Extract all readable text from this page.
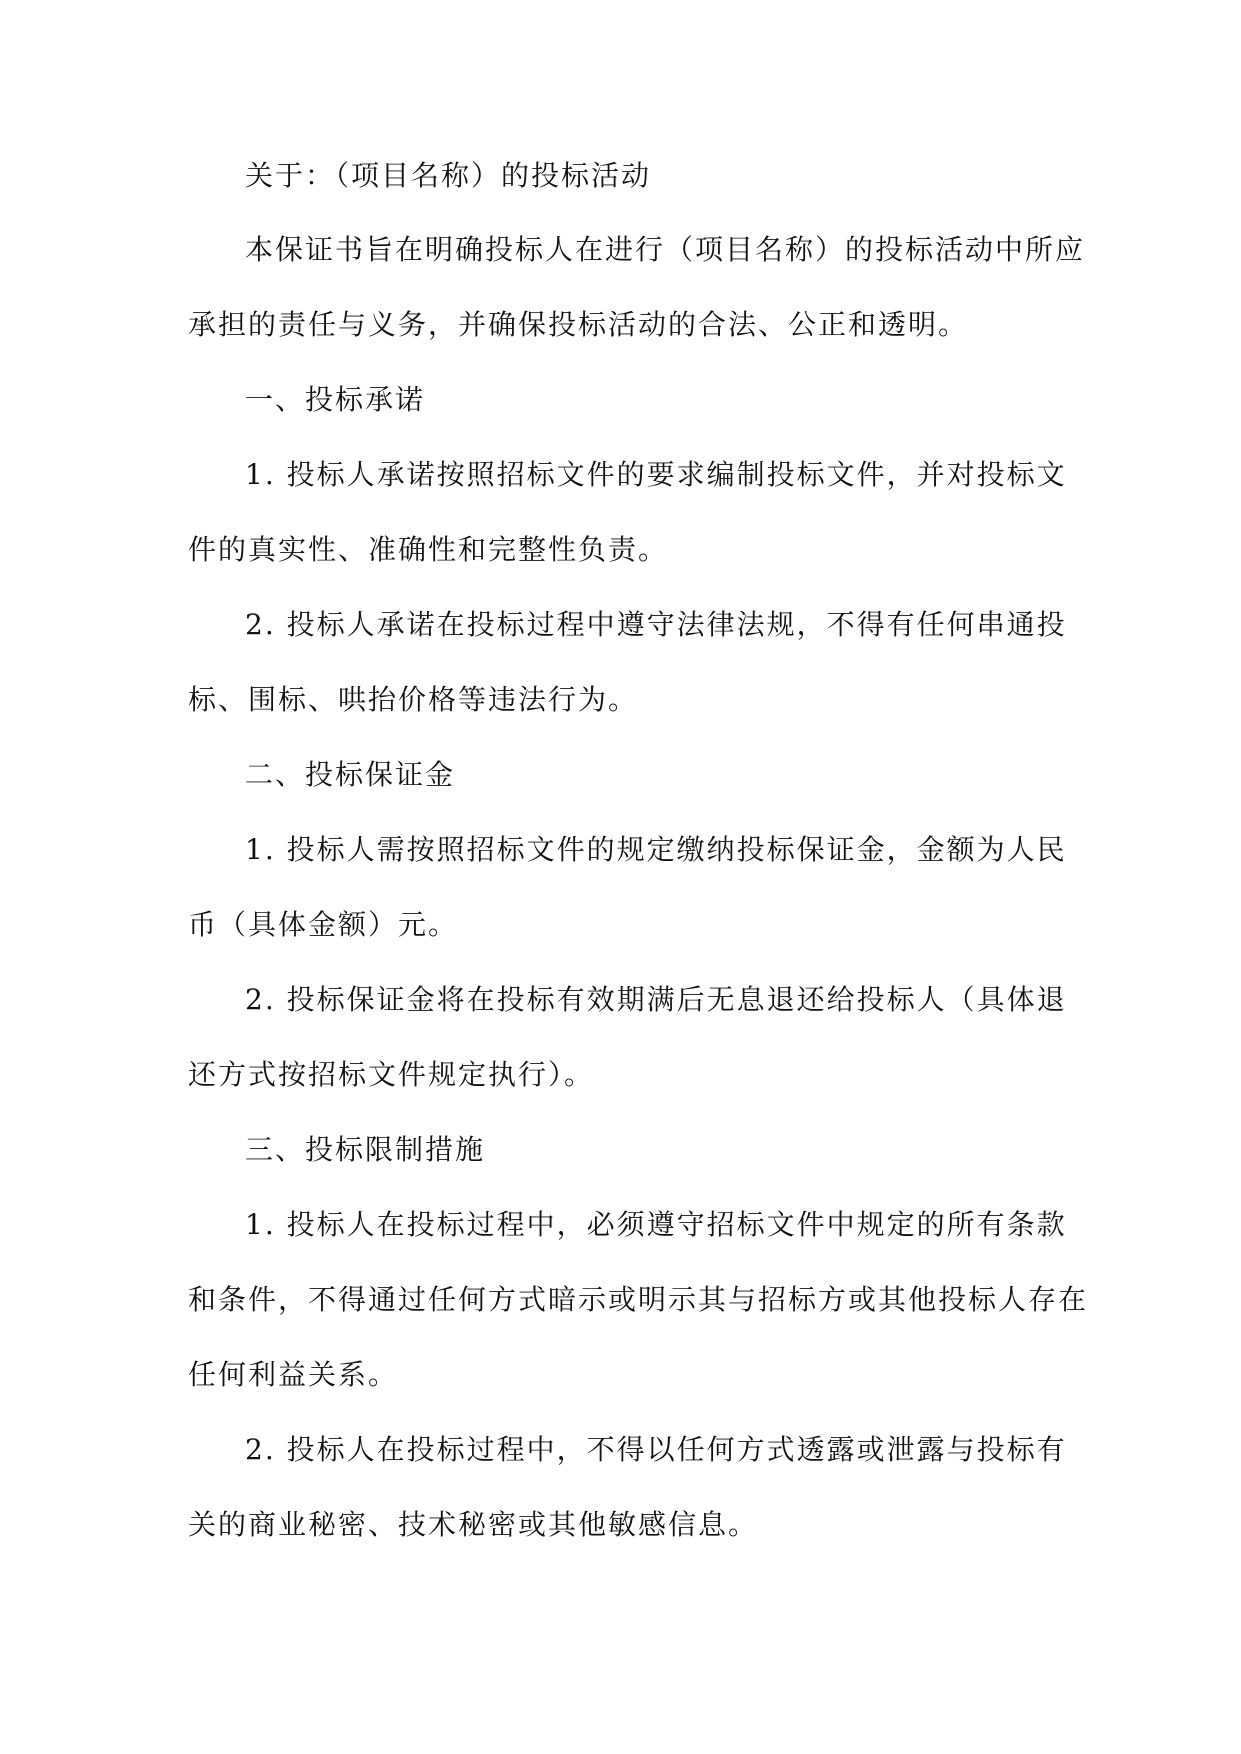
关于：（项目名称）的投标活动

本保证书旨在明确投标人在进行（项目名称）的投标活动中所应

承担的责任与义务，并确保投标活动的合法、公正和透明。

一、投标承诺

1. 投标人承诺按照招标文件的要求编制投标文件，并对投标文

件的真实性、准确性和完整性负责。

2. 投标人承诺在投标过程中遵守法律法规，不得有任何串通投

标、围标、哄抬价格等违法行为。

二、投标保证金

1. 投标人需按照招标文件的规定缴纳投标保证金，金额为人民

币（具体金额）元。

2. 投标保证金将在投标有效期满后无息退还给投标人（具体退

还方式按招标文件规定执行）。

三、投标限制措施

1. 投标人在投标过程中，必须遵守招标文件中规定的所有条款

和条件，不得通过任何方式暗示或明示其与招标方或其他投标人存在

任何利益关系。

2. 投标人在投标过程中，不得以任何方式透露或泄露与投标有

关的商业秘密、技术秘密或其他敏感信息。
